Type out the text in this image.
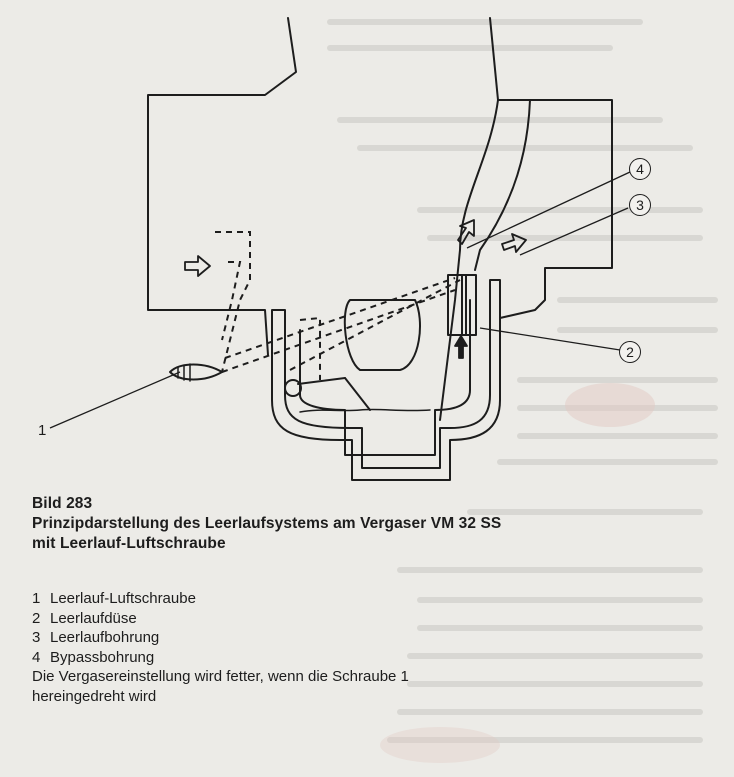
1
2
3
4
Bild 283
Prinzipdarstellung des Leerlaufsystems am Vergaser VM 32 SS
mit Leerlauf-Luftschraube
1 Leerlauf-Luftschraube
2 Leerlaufdüse
3 Leerlaufbohrung
4 Bypassbohrung
Die Vergasereinstellung wird fetter, wenn die Schraube 1
hereingedreht wird
